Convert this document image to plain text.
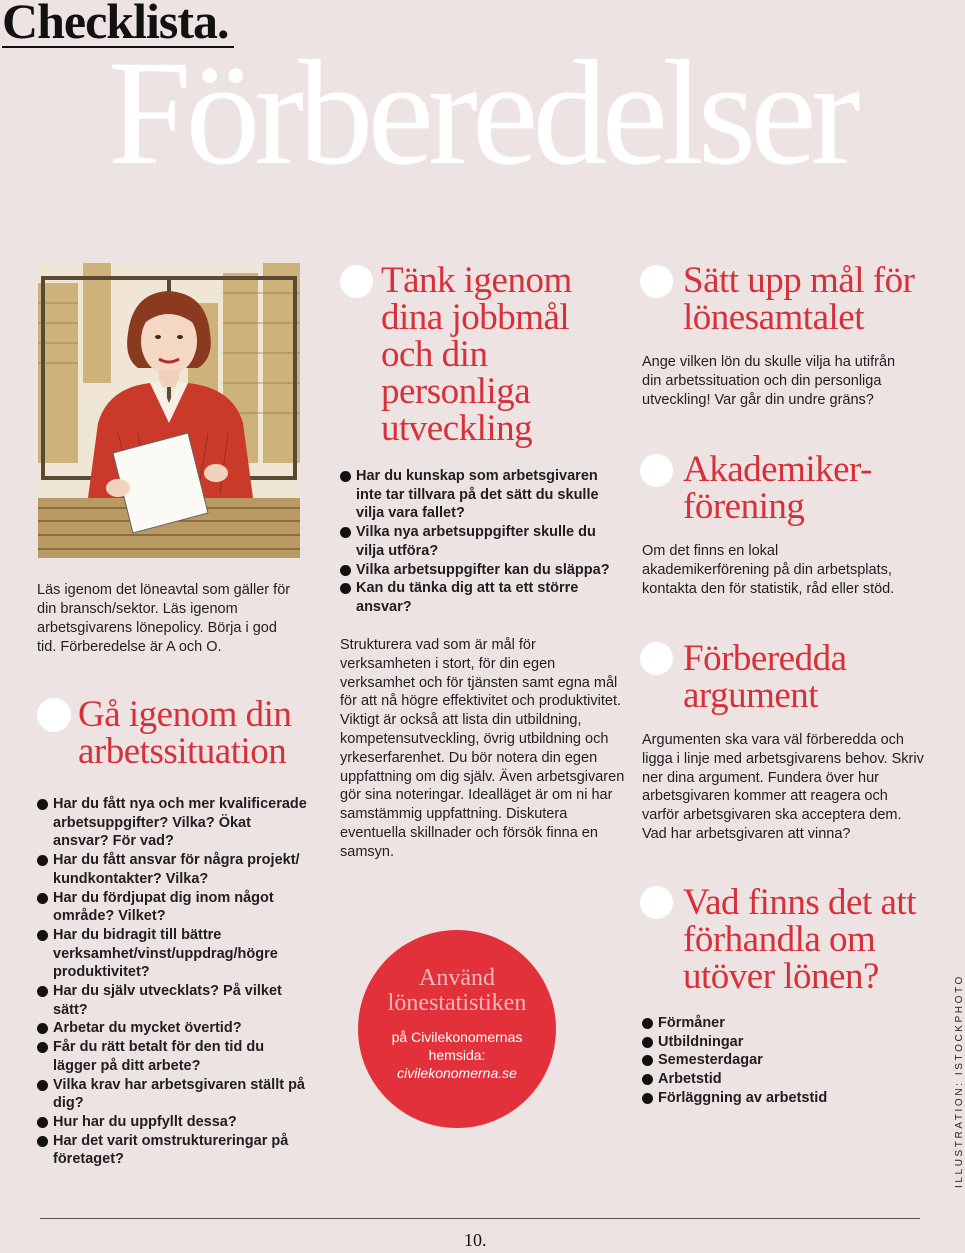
Checklista.
Förberedelser

Läs igenom det löneavtal som gäller för din bransch/sektor. Läs igenom arbetsgivarens lönepolicy. Börja i god tid. Förberedelse är A och O.

Gå igenom din
arbetssituation
Har du fått nya och mer kvalificerade arbetsuppgifter? Vilka? Ökat ansvar? För vad?
Har du fått ansvar för några projekt/ kundkontakter? Vilka?
Har du fördjupat dig inom något område? Vilket?
Har du bidragit till bättre verksamhet/vinst/uppdrag/högre produktivitet?
Har du själv utvecklats? På vilket sätt?
Arbetar du mycket övertid?
Får du rätt betalt för den tid du lägger på ditt arbete?
Vilka krav har arbetsgivaren ställt på dig?
Hur har du uppfyllt dessa?
Har det varit omstruktureringar på företaget?
Tänk igenom
dina jobbmål
och din
personliga
utveckling
Har du kunskap som arbetsgivaren inte tar tillvara på det sätt du skulle vilja vara fallet?
Vilka nya arbetsuppgifter skulle du vilja utföra?
Vilka arbetsuppgifter kan du släppa?
Kan du tänka dig att ta ett större ansvar?

Strukturera vad som är mål för verksamheten i stort, för din egen verksamhet och för tjänsten samt egna mål för att nå högre effektivitet och produktivitet. Viktigt är också att lista din utbildning, kompetensutveckling, övrig utbildning och yrkeserfarenhet. Du bör notera din egen uppfattning om dig själv. Även arbetsgivaren gör sina noteringar. Idealläget är om ni har samstämmig uppfattning. Diskutera eventuella skillnader och försök finna en samsyn.

Använd
lönestatistiken
på Civilekonomernas
hemsida:
civilekonomerna.se
Sätt upp mål för
lönesamtalet

Ange vilken lön du skulle vilja ha utifrån din arbetssituation och din personliga utveckling! Var går din undre gräns?

Akademiker-
förening

Om det finns en lokal akademikerförening på din arbetsplats, kontakta den för statistik, råd eller stöd.

Förberedda
argument

Argumenten ska vara väl förberedda och ligga i linje med arbetsgivarens behov. Skriv ner dina argument. Fundera över hur arbetsgivaren kommer att reagera och varför arbetsgivaren ska acceptera dem. Vad har arbetsgivaren att vinna?

Vad finns det att
förhandla om
utöver lönen?
Förmåner
Utbildningar
Semesterdagar
Arbetstid
Förläggning av arbetstid	ILLUSTRATION: ISTOCKPHOTO
10.
